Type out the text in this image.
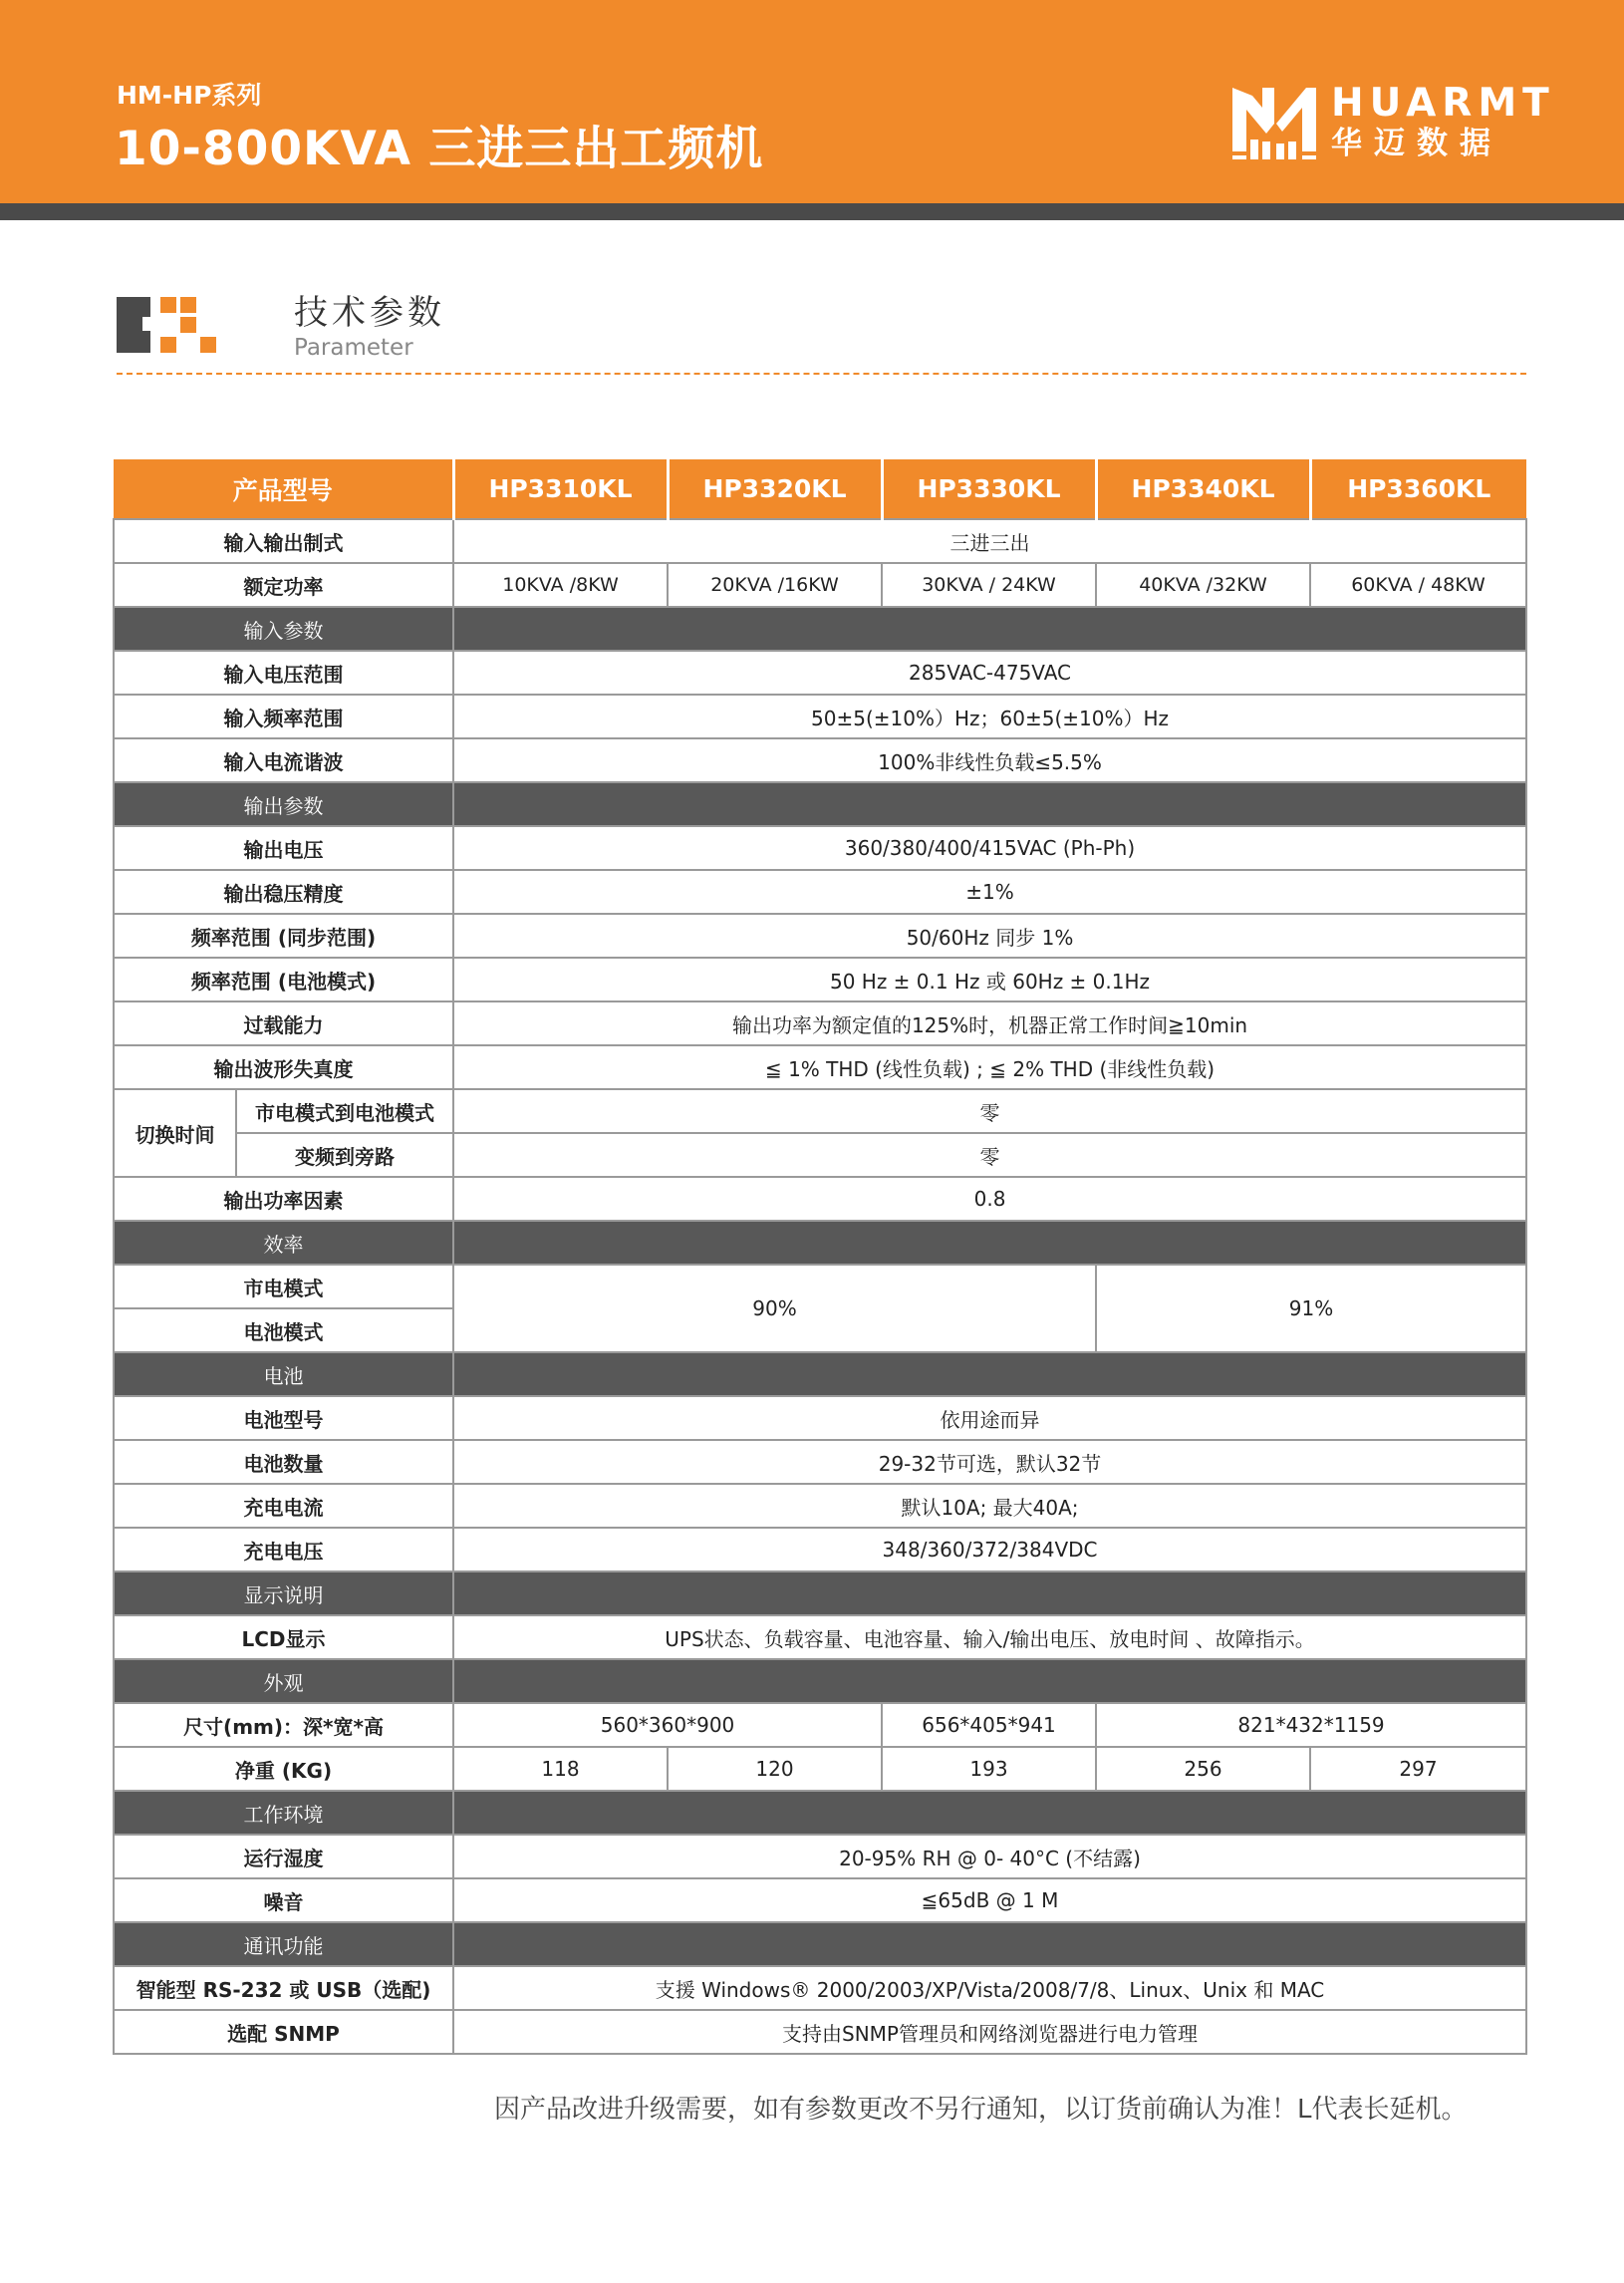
HM-HP系列
10-800KVA 三进三出工频机
HUARMT
华迈数据
技术参数
Parameter
产品型号		HP3310KL	HP3320KL	HP3330KL	HP3340KL	HP3360KL
输入输出制式		三进三出				
额定功率		10KVA /8KW	20KVA /16KW	30KVA / 24KW	40KVA /32KW	60KVA / 48KW
输入参数						
输入电压范围		285VAC-475VAC				
输入频率范围		50±5(±10%）Hz；60±5(±10%）Hz				
输入电流谐波		100%非线性负载≤5.5%				
输出参数						
输出电压		360/380/400/415VAC (Ph-Ph)				
输出稳压精度		±1%				
频率范围 (同步范围)		50/60Hz 同步 1%				
频率范围 (电池模式)		50 Hz ± 0.1 Hz 或 60Hz ± 0.1Hz				
过载能力		输出功率为额定值的125%时，机器正常工作时间≧10min				
输出波形失真度		≦ 1% THD (线性负载) ; ≦ 2% THD (非线性负载)				
切换时间	市电模式到电池模式	零				
	变频到旁路	零				
输出功率因素		0.8				
效率						
市电模式		90%			91%	
电池模式						
电池						
电池型号		依用途而异				
电池数量		29-32节可选，默认32节				
充电电流		默认10A; 最大40A;				
充电电压		348/360/372/384VDC				
显示说明						
LCD显示		UPS状态、负载容量、电池容量、输入/输出电压、放电时间 、故障指示。				
外观						
尺寸(mm)：深*宽*高		560*360*900		656*405*941	821*432*1159	
净重 (KG)		118	120	193	256	297
工作环境						
运行湿度		20-95% RH @ 0- 40°C (不结露)				
噪音		≦65dB @ 1 M				
通讯功能						
智能型 RS-232 或 USB（选配)		支援 Windows® 2000/2003/XP/Vista/2008/7/8、Linux、Unix 和 MAC				
选配 SNMP		支持由SNMP管理员和网络浏览器进行电力管理				
因产品改进升级需要，如有参数更改不另行通知，以订货前确认为准！L代表长延机。
